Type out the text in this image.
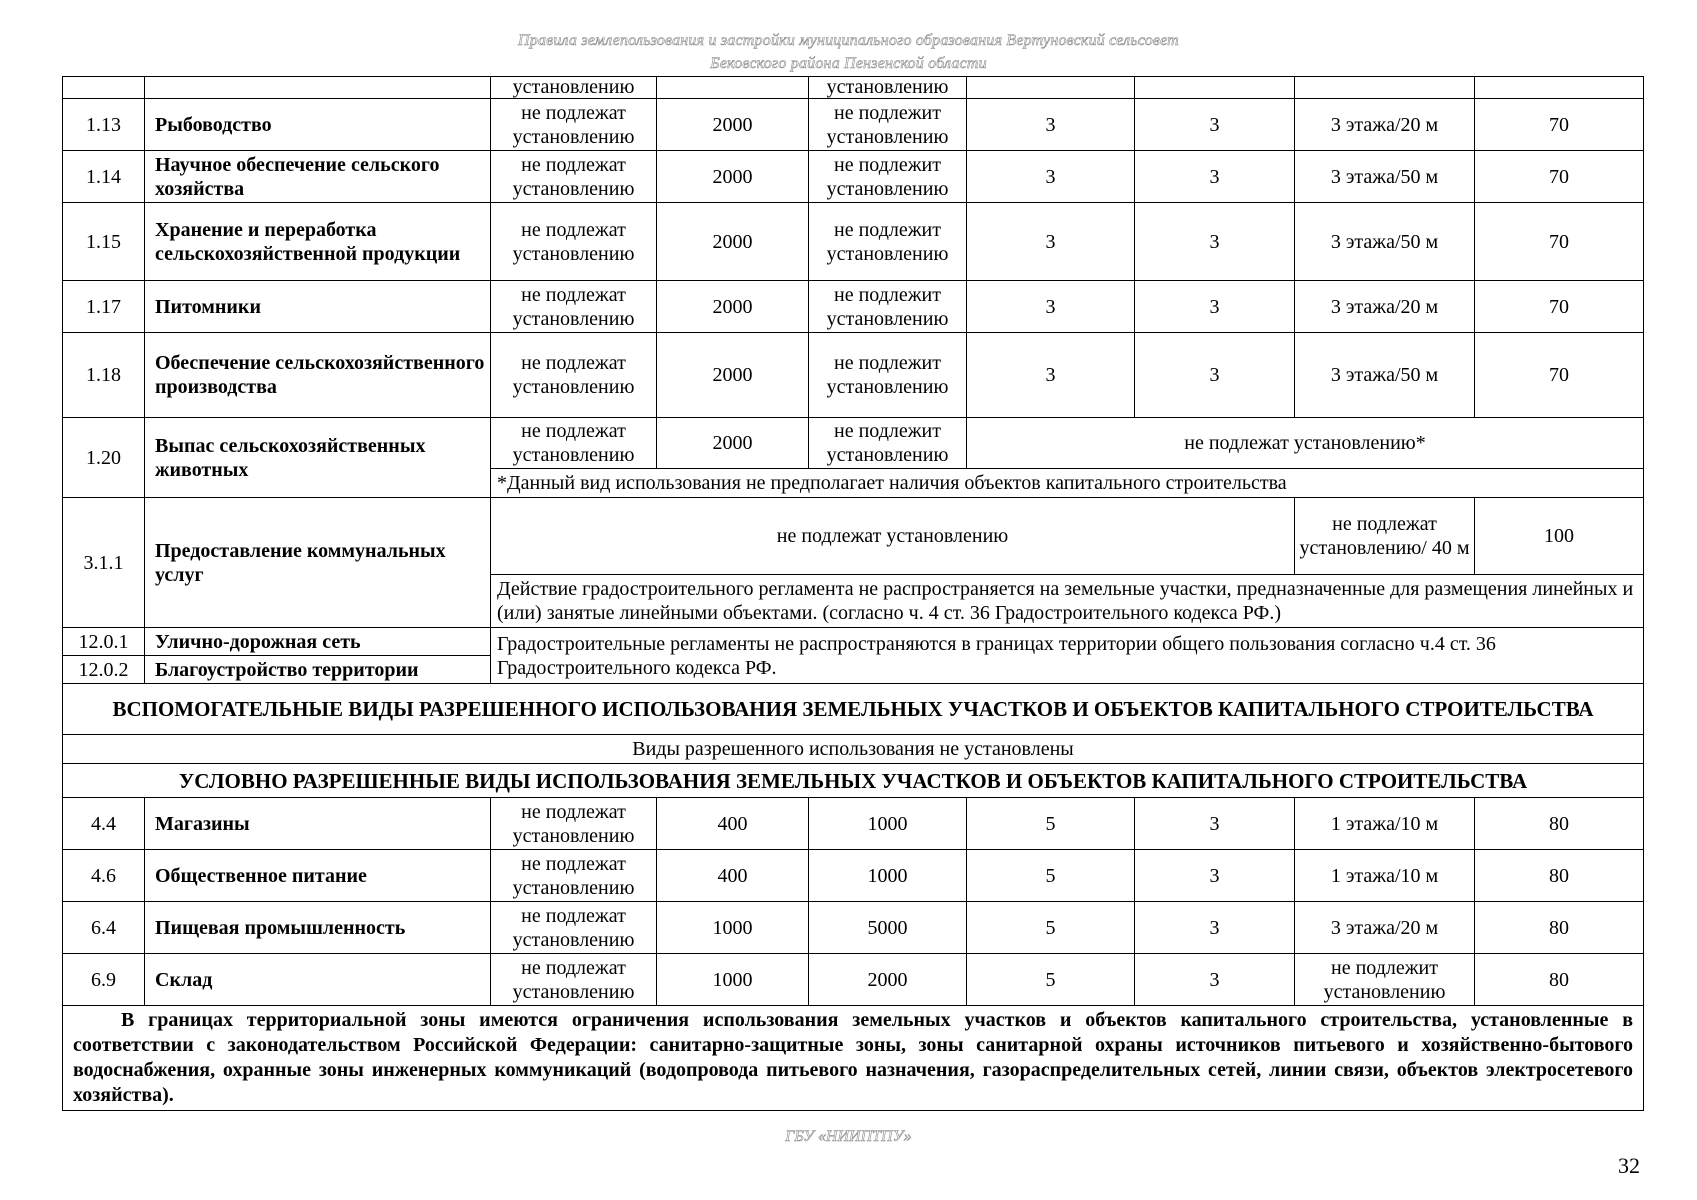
Правила землепользования и застройки муниципального образования Вертуновский сельсовет
Бековского района Пензенской области
		установлению		установлению				
1.13	Рыбоводство	не подлежат установлению	2000	не подлежит установлению	3	3	3 этажа/20 м	70
1.14	Научное обеспечение сельского хозяйства	не подлежат установлению	2000	не подлежит установлению	3	3	3 этажа/50 м	70
1.15	Хранение и переработка сельскохозяйственной продукции	не подлежат установлению	2000	не подлежит установлению	3	3	3 этажа/50 м	70
1.17	Питомники	не подлежат установлению	2000	не подлежит установлению	3	3	3 этажа/20 м	70
1.18	Обеспечение сельскохозяйственного производства	не подлежат установлению	2000	не подлежит установлению	3	3	3 этажа/50 м	70
1.20	Выпас сельскохозяйственных животных	не подлежат установлению	2000	не подлежит установлению	не подлежат установлению*			
		*Данный вид использования не предполагает наличия объектов капитального строительства						
3.1.1	Предоставление коммунальных услуг	не подлежат установлению					не подлежат установлению/ 40 м	100
		Действие градостроительного регламента не распространяется на земельные участки, предназначенные для размещения линейных и (или) занятые линейными объектами. (согласно ч. 4 ст. 36 Градостроительного кодекса РФ.)						
12.0.1	Улично-дорожная сеть	Градостроительные регламенты не распространяются в границах территории общего пользования согласно ч.4 ст. 36 Градостроительного кодекса РФ.						
12.0.2	Благоустройство территории							
ВСПОМОГАТЕЛЬНЫЕ ВИДЫ РАЗРЕШЕННОГО ИСПОЛЬЗОВАНИЯ ЗЕМЕЛЬНЫХ УЧАСТКОВ И ОБЪЕКТОВ КАПИТАЛЬНОГО СТРОИТЕЛЬСТВА								
Виды разрешенного использования не установлены								
УСЛОВНО РАЗРЕШЕННЫЕ ВИДЫ ИСПОЛЬЗОВАНИЯ ЗЕМЕЛЬНЫХ УЧАСТКОВ И ОБЪЕКТОВ КАПИТАЛЬНОГО СТРОИТЕЛЬСТВА								
4.4	Магазины	не подлежат установлению	400	1000	5	3	1 этажа/10 м	80
4.6	Общественное питание	не подлежат установлению	400	1000	5	3	1 этажа/10 м	80
6.4	Пищевая промышленность	не подлежат установлению	1000	5000	5	3	3 этажа/20 м	80
6.9	Склад	не подлежат установлению	1000	2000	5	3	не подлежит установлению	80
В границах территориальной зоны имеются ограничения использования земельных участков и объектов капитального строительства, установленные в соответствии с законодательством Российской Федерации: санитарно-защитные зоны, зоны санитарной охраны источников питьевого и хозяйственно-бытового водоснабжения, охранные зоны инженерных коммуникаций (водопровода питьевого назначения, газораспределительных сетей, линии связи, объектов электросетевого хозяйства).								
ГБУ «НИИПТПУ»
32
